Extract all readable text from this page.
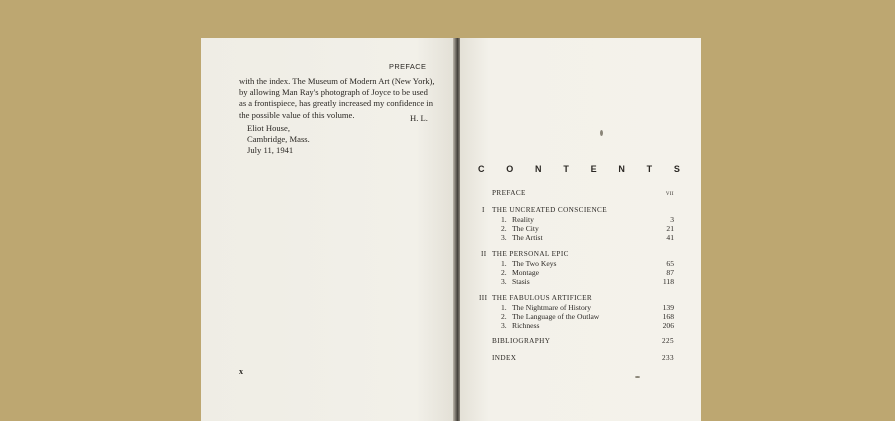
PREFACE
with the index. The Museum of Modern Art (New York),
by allowing Man Ray's photograph of Joyce to be used
as a frontispiece, has greatly increased my confidence in
the possible value of this volume.	H. L.
Eliot House,
Cambridge, Mass.
July 11, 1941
x
C O N T E N T S
PREFACE	vii
I THE UNCREATED CONSCIENCE
1. Reality	3
2. The City	21
3. The Artist	41
II THE PERSONAL EPIC
1. The Two Keys	65
2. Montage	87
3. Stasis	118
III THE FABULOUS ARTIFICER
1. The Nightmare of History	139
2. The Language of the Outlaw	168
3. Richness	206
BIBLIOGRAPHY	225
INDEX	233
